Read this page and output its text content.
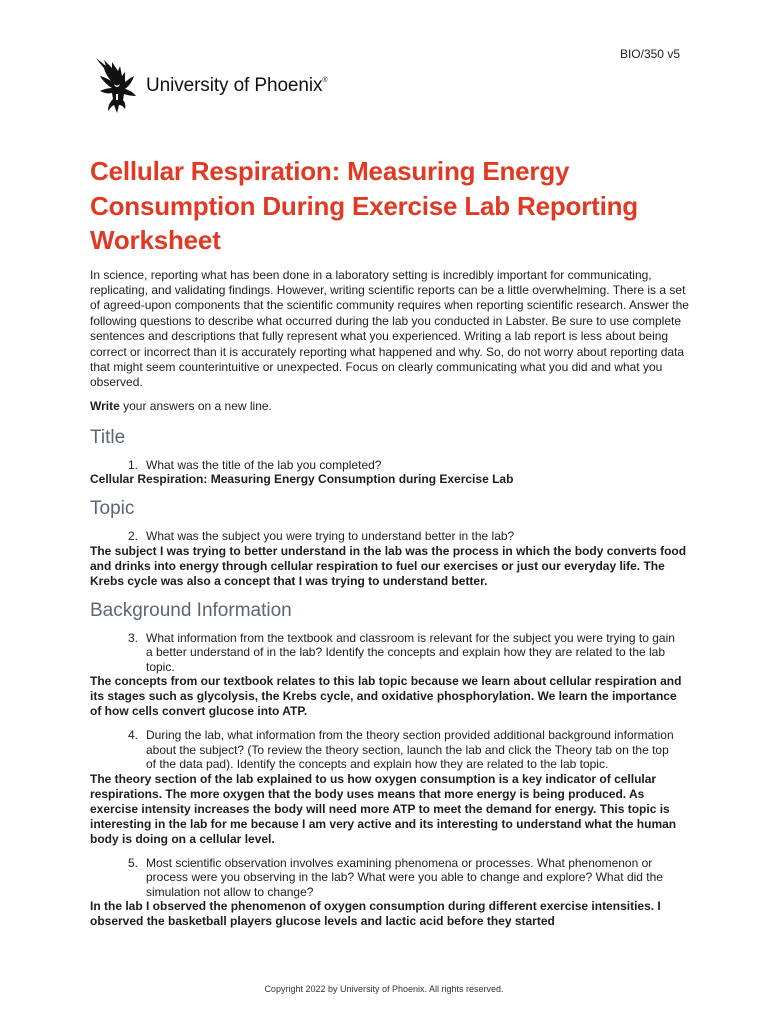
BIO/350 v5
University of Phoenix®
Cellular Respiration: Measuring Energy Consumption During Exercise Lab Reporting Worksheet

In science, reporting what has been done in a laboratory setting is incredibly important for communicating, replicating, and validating findings. However, writing scientific reports can be a little overwhelming. There is a set of agreed-upon components that the scientific community requires when reporting scientific research. Answer the following questions to describe what occurred during the lab you conducted in Labster. Be sure to use complete sentences and descriptions that fully represent what you experienced. Writing a lab report is less about being correct or incorrect than it is accurately reporting what happened and why. So, do not worry about reporting data that might seem counterintuitive or unexpected. Focus on clearly communicating what you did and what you observed.

Write your answers on a new line.

Title
1. What was the title of the lab you completed?

Cellular Respiration: Measuring Energy Consumption during Exercise Lab

Topic
2. What was the subject you were trying to understand better in the lab?

The subject I was trying to better understand in the lab was the process in which the body converts food and drinks into energy through cellular respiration to fuel our exercises or just our everyday life. The Krebs cycle was also a concept that I was trying to understand better.

Background Information
3. What information from the textbook and classroom is relevant for the subject you were trying to gain a better understand of in the lab? Identify the concepts and explain how they are related to the lab topic.

The concepts from our textbook relates to this lab topic because we learn about cellular respiration and its stages such as glycolysis, the Krebs cycle, and oxidative phosphorylation. We learn the importance of how cells convert glucose into ATP.

4. During the lab, what information from the theory section provided additional background information about the subject? (To review the theory section, launch the lab and click the Theory tab on the top of the data pad). Identify the concepts and explain how they are related to the lab topic.

The theory section of the lab explained to us how oxygen consumption is a key indicator of cellular respirations. The more oxygen that the body uses means that more energy is being produced. As exercise intensity increases the body will need more ATP to meet the demand for energy. This topic is interesting in the lab for me because I am very active and its interesting to understand what the human body is doing on a cellular level.

5. Most scientific observation involves examining phenomena or processes. What phenomenon or process were you observing in the lab? What were you able to change and explore? What did the simulation not allow to change?

In the lab I observed the phenomenon of oxygen consumption during different exercise intensities. I observed the basketball players glucose levels and lactic acid before they started

Copyright 2022 by University of Phoenix. All rights reserved.
